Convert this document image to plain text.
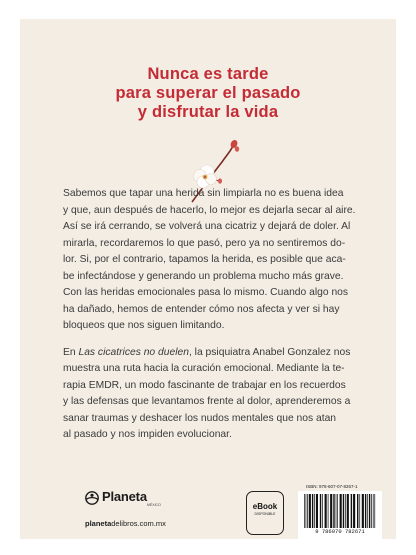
Nunca es tarde
para superar el pasado
y disfrutar la vida

Sabemos que tapar una herida sin limpiarla no es buena idea
y que, aun después de hacerlo, lo mejor es dejarla secar al aire.
Así se irá cerrando, se volverá una cicatriz y dejará de doler. Al
mirarla, recordaremos lo que pasó, pero ya no sentiremos do-
lor. Si, por el contrario, tapamos la herida, es posible que aca-
be infectándose y generando un problema mucho más grave.
Con las heridas emocionales pasa lo mismo. Cuando algo nos
ha dañado, hemos de entender cómo nos afecta y ver si hay
bloqueos que nos siguen limitando.

En Las cicatrices no duelen, la psiquiatra Anabel Gonzalez nos
muestra una ruta hacia la curación emocional. Mediante la te-
rapia EMDR, un modo fascinante de trabajar en los recuerdos
y las defensas que levantamos frente al dolor, aprenderemos a
sanar traumas y deshacer los nudos mentales que nos atan
al pasado y nos impiden evolucionar.

Planeta
MÉXICO
planetadelibros.com.mx
eBook
DISPONIBLE
ISBN: 978-607-07-8267-1
9 786070 782671
